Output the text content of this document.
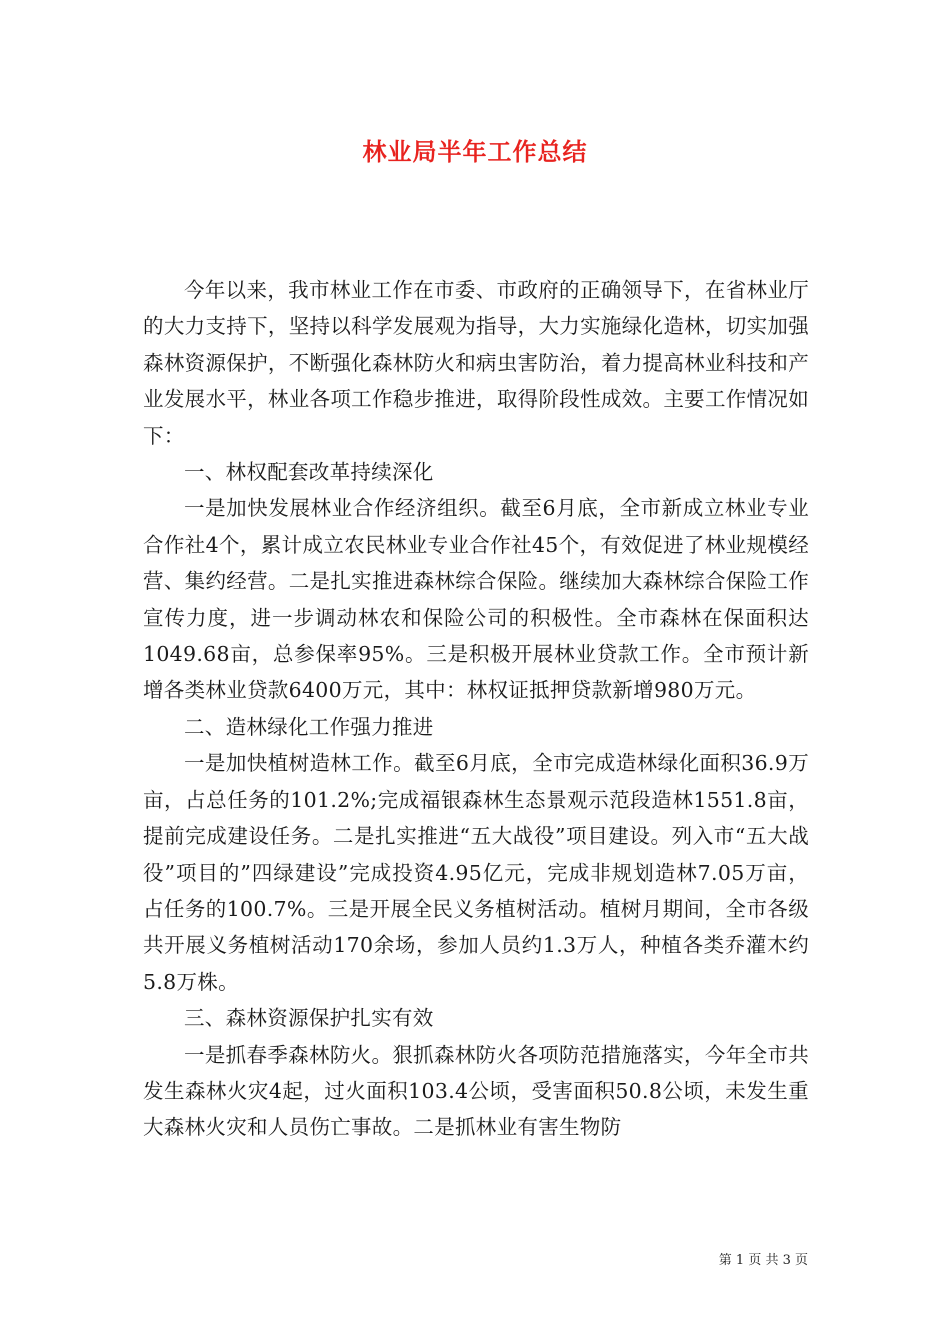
林业局半年工作总结

今年以来，我市林业工作在市委、市政府的正确领导下，在省林业厅的大力支持下，坚持以科学发展观为指导，大力实施绿化造林，切实加强森林资源保护，不断强化森林防火和病虫害防治，着力提高林业科技和产业发展水平，林业各项工作稳步推进，取得阶段性成效。主要工作情况如下：

一、林权配套改革持续深化

一是加快发展林业合作经济组织。截至6月底，全市新成立林业专业合作社4个，累计成立农民林业专业合作社45个，有效促进了林业规模经营、集约经营。二是扎实推进森林综合保险。继续加大森林综合保险工作宣传力度，进一步调动林农和保险公司的积极性。全市森林在保面积达1049.68亩，总参保率95%。三是积极开展林业贷款工作。全市预计新增各类林业贷款6400万元，其中：林权证抵押贷款新增980万元。

二、造林绿化工作强力推进

一是加快植树造林工作。截至6月底，全市完成造林绿化面积36.9万亩，占总任务的101.2%;完成福银森林生态景观示范段造林1551.8亩，提前完成建设任务。二是扎实推进“五大战役”项目建设。列入市“五大战役”项目的”四绿建设”完成投资4.95亿元，完成非规划造林7.05万亩，占任务的100.7%。三是开展全民义务植树活动。植树月期间，全市各级共开展义务植树活动170余场，参加人员约1.3万人，种植各类乔灌木约5.8万株。

三、森林资源保护扎实有效

一是抓春季森林防火。狠抓森林防火各项防范措施落实，今年全市共发生森林火灾4起，过火面积103.4公顷，受害面积50.8公顷，未发生重大森林火灾和人员伤亡事故。二是抓林业有害生物防

第 1 页 共 3 页
